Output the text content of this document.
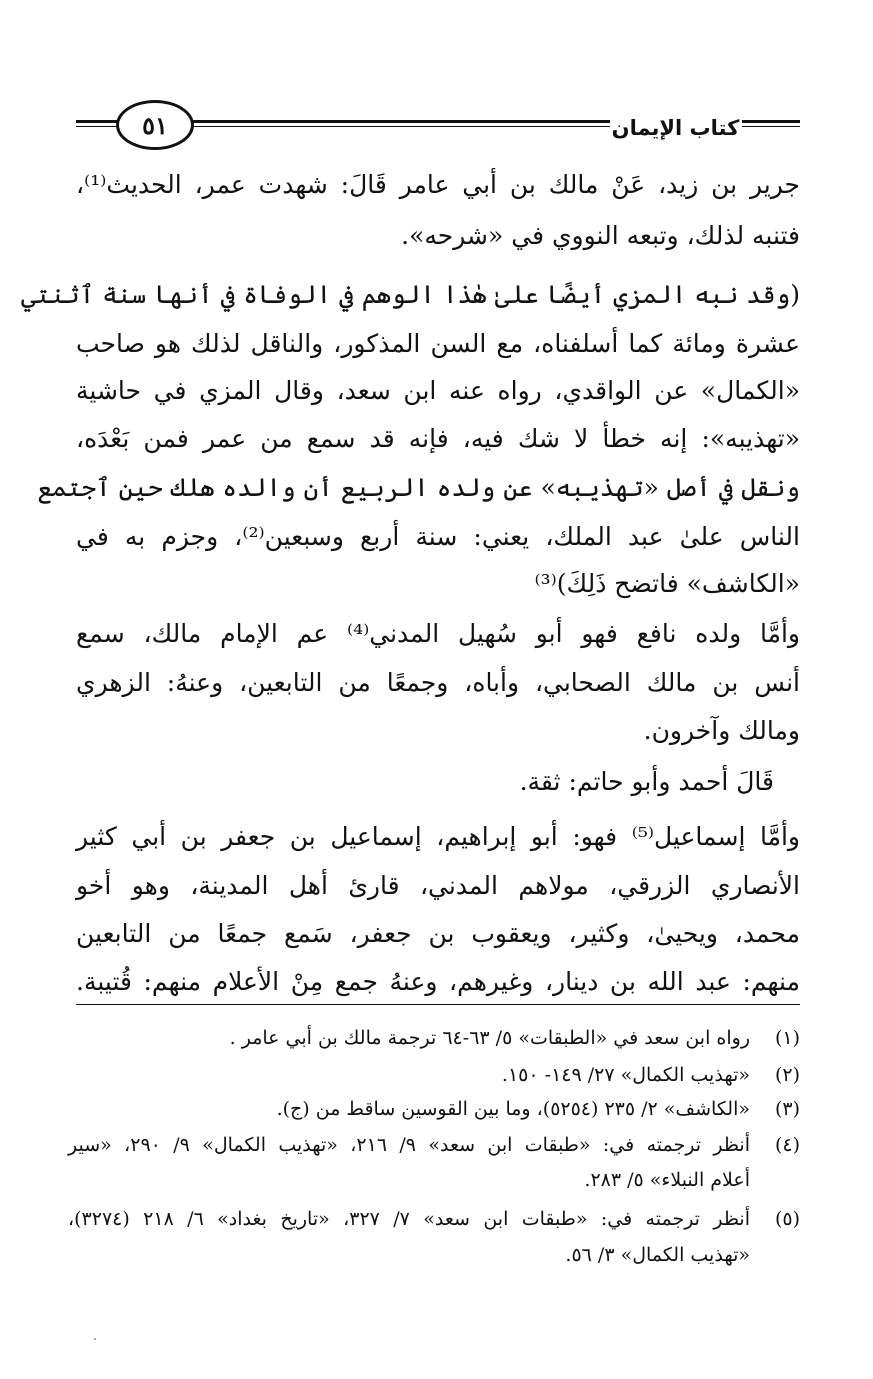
٥١	كتاب الإيمان
جرير بن زيد، عَنْ مالك بن أبي عامر قَالَ: شهدت عمر، الحديث⁽¹⁾،
فتنبه لذلك، وتبعه النووي في «شرحه».
(وقد نبه المزي أيضًا علىٰ هٰذا الوهم في الوفاة في أنها سنة ٱثنتي
عشرة ومائة كما أسلفناه، مع السن المذكور، والناقل لذلك هو صاحب
«الكمال» عن الواقدي، رواه عنه ابن سعد، وقال المزي في حاشية
«تهذيبه»: إنه خطأ لا شك فيه، فإنه قد سمع من عمر فمن بَعْدَه،
ونقل في أصل «تهذيبه» عن ولده الربيع أن والده هلك حين ٱجتمع
الناس علىٰ عبد الملك، يعني: سنة أربع وسبعين⁽²⁾، وجزم به في
«الكاشف» فاتضح ذَلِكَ)⁽³⁾
وأمَّا ولده نافع فهو أبو سُهيل المدني⁽⁴⁾ عم الإمام مالك، سمع
أنس بن مالك الصحابي، وأباه، وجمعًا من التابعين، وعنهُ: الزهري
ومالك وآخرون.
قَالَ أحمد وأبو حاتم: ثقة.
وأمَّا إسماعيل⁽⁵⁾ فهو: أبو إبراهيم، إسماعيل بن جعفر بن أبي كثير
الأنصاري الزرقي، مولاهم المدني، قارئ أهل المدينة، وهو أخو
محمد، ويحيىٰ، وكثير، ويعقوب بن جعفر، سَمع جمعًا من التابعين
منهم: عبد الله بن دينار، وغيرهم، وعنهُ جمع مِنْ الأعلام منهم: قُتيبة.
(١)
رواه ابن سعد في «الطبقات» ٥/ ٦٣-٦٤ ترجمة مالك بن أبي عامر .
(٢)
«تهذيب الكمال» ٢٧/ ١٤٩- ١٥٠.
(٣)
«الكاشف» ٢/ ٢٣٥ (٥٢٥٤)، وما بين القوسين ساقط من (ج).
(٤)
أنظر ترجمته في: «طبقات ابن سعد» ٩/ ٢١٦، «تهذيب الكمال» ٩/ ٢٩٠، «سير
أعلام النبلاء» ٥/ ٢٨٣.
(٥)
أنظر ترجمته في: «طبقات ابن سعد» ٧/ ٣٢٧، «تاريخ بغداد» ٦/ ٢١٨ (٣٢٧٤)،
«تهذيب الكمال» ٣/ ٥٦.
